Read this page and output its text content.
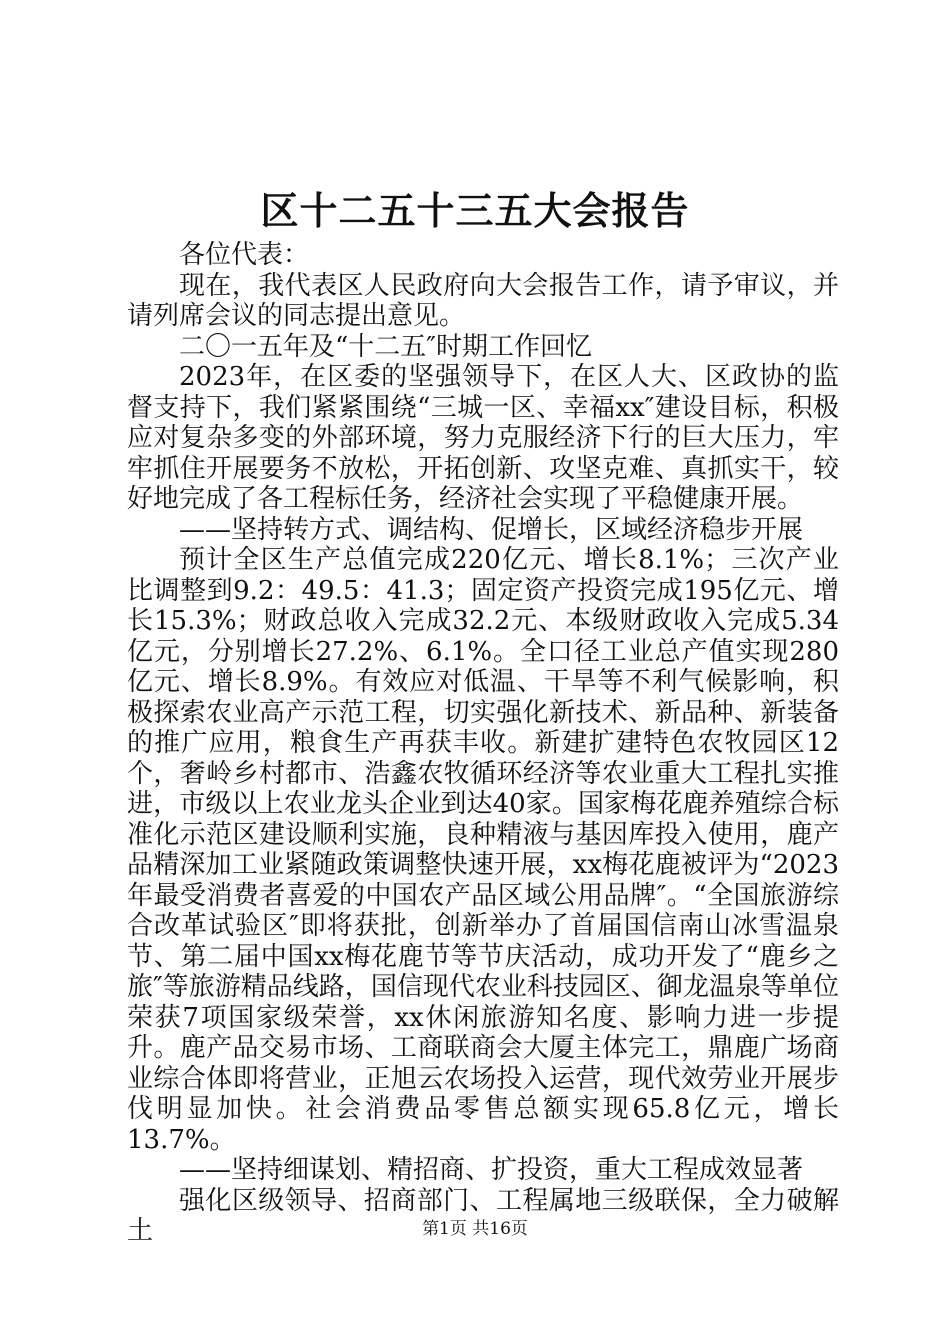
区十二五十三五大会报告

各位代表：

现在，我代表区人民政府向大会报告工作，请予审议，并请列席会议的同志提出意见。

二〇一五年及“十二五″时期工作回忆

2023年，在区委的坚强领导下，在区人大、区政协的监督支持下，我们紧紧围绕“三城一区、幸福xx″建设目标，积极应对复杂多变的外部环境，努力克服经济下行的巨大压力，牢牢抓住开展要务不放松，开拓创新、攻坚克难、真抓实干，较好地完成了各工程标任务，经济社会实现了平稳健康开展。

——坚持转方式、调结构、促增长，区域经济稳步开展

预计全区生产总值完成220亿元、增长8.1%；三次产业比调整到9.2：49.5：41.3；固定资产投资完成195亿元、增长15.3%；财政总收入完成32.2元、本级财政收入完成5.34亿元，分别增长27.2%、6.1%。全口径工业总产值实现280亿元、增长8.9%。有效应对低温、干旱等不利气候影响，积极探索农业高产示范工程，切实强化新技术、新品种、新装备的推广应用，粮食生产再获丰收。新建扩建特色农牧园区12个，奢岭乡村都市、浩鑫农牧循环经济等农业重大工程扎实推进，市级以上农业龙头企业到达40家。国家梅花鹿养殖综合标准化示范区建设顺利实施，良种精液与基因库投入使用，鹿产品精深加工业紧随政策调整快速开展，xx梅花鹿被评为“2023年最受消费者喜爱的中国农产品区域公用品牌″。“全国旅游综合改革试验区″即将获批，创新举办了首届国信南山冰雪温泉节、第二届中国xx梅花鹿节等节庆活动，成功开发了“鹿乡之旅″等旅游精品线路，国信现代农业科技园区、御龙温泉等单位荣获7项国家级荣誉，xx休闲旅游知名度、影响力进一步提升。鹿产品交易市场、工商联商会大厦主体完工，鼎鹿广场商业综合体即将营业，正旭云农场投入运营，现代效劳业开展步伐明显加快。社会消费品零售总额实现65.8亿元，增长13.7%。

——坚持细谋划、精招商、扩投资，重大工程成效显著

强化区级领导、招商部门、工程属地三级联保，全力破解土	第1页 共16页
